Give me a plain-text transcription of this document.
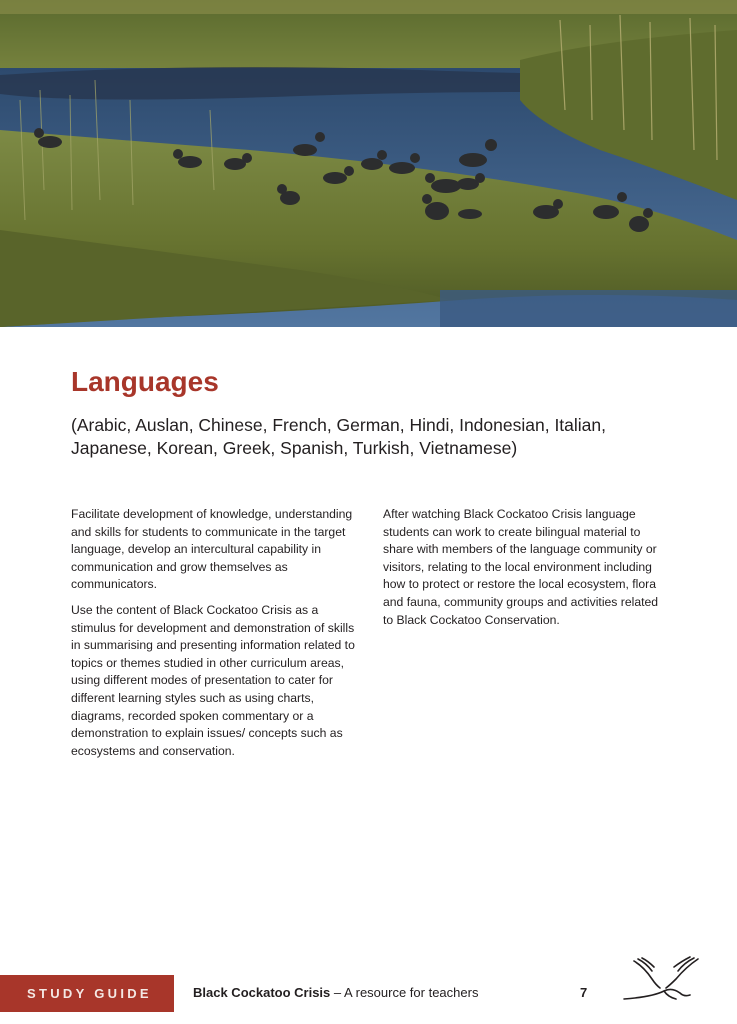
Languages

(Arabic, Auslan, Chinese, French, German, Hindi, Indonesian, Italian, Japanese, Korean, Greek, Spanish, Turkish, Vietnamese)

Facilitate development of knowledge, understanding and skills for students to communicate in the target language, develop an intercultural capability in communication and grow themselves as communicators.

Use the content of Black Cockatoo Crisis as a stimulus for development and demonstration of skills in summarising and presenting information related to topics or themes studied in other curriculum areas, using different modes of presentation to cater for different learning styles such as using charts, diagrams, recorded spoken commentary or a demonstration to explain issues/ concepts such as ecosystems and conservation.

After watching Black Cockatoo Crisis language students can work to create bilingual material to share with members of the language community or visitors, relating to the local environment including how to protect or restore the local ecosystem, flora and fauna, community groups and activities related to Black Cockatoo Conservation.

STUDY GUIDE	Black Cockatoo Crisis – A resource for teachers	7
